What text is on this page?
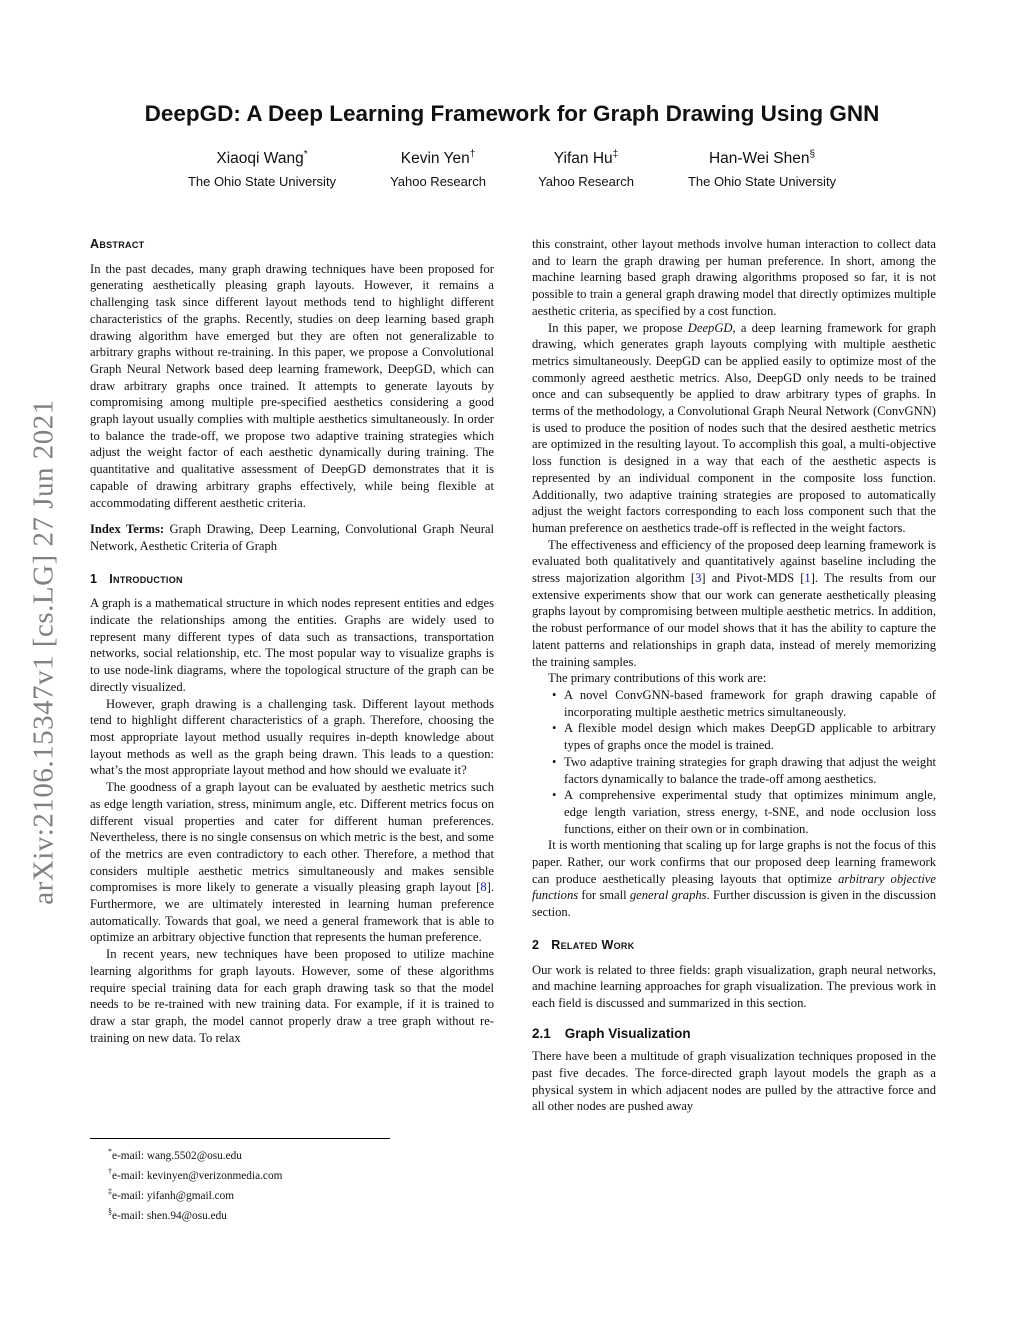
arXiv:2106.15347v1 [cs.LG] 27 Jun 2021
DeepGD: A Deep Learning Framework for Graph Drawing Using GNN
Xiaoqi Wang*
The Ohio State University
Kevin Yen†
Yahoo Research
Yifan Hu‡
Yahoo Research
Han-Wei Shen§
The Ohio State University
Abstract

In the past decades, many graph drawing techniques have been proposed for generating aesthetically pleasing graph layouts. However, it remains a challenging task since different layout methods tend to highlight different characteristics of the graphs. Recently, studies on deep learning based graph drawing algorithm have emerged but they are often not generalizable to arbitrary graphs without re-training. In this paper, we propose a Convolutional Graph Neural Network based deep learning framework, DeepGD, which can draw arbitrary graphs once trained. It attempts to generate layouts by compromising among multiple pre-specified aesthetics considering a good graph layout usually complies with multiple aesthetics simultaneously. In order to balance the trade-off, we propose two adaptive training strategies which adjust the weight factor of each aesthetic dynamically during training. The quantitative and qualitative assessment of DeepGD demonstrates that it is capable of drawing arbitrary graphs effectively, while being flexible at accommodating different aesthetic criteria.

Index Terms: Graph Drawing, Deep Learning, Convolutional Graph Neural Network, Aesthetic Criteria of Graph

1 Introduction

A graph is a mathematical structure in which nodes represent entities and edges indicate the relationships among the entities. Graphs are widely used to represent many different types of data such as transactions, transportation networks, social relationship, etc. The most popular way to visualize graphs is to use node-link diagrams, where the topological structure of the graph can be directly visualized.

However, graph drawing is a challenging task. Different layout methods tend to highlight different characteristics of a graph. Therefore, choosing the most appropriate layout method usually requires in-depth knowledge about layout methods as well as the graph being drawn. This leads to a question: what’s the most appropriate layout method and how should we evaluate it?

The goodness of a graph layout can be evaluated by aesthetic metrics such as edge length variation, stress, minimum angle, etc. Different metrics focus on different visual properties and cater for different human preferences. Nevertheless, there is no single consensus on which metric is the best, and some of the metrics are even contradictory to each other. Therefore, a method that considers multiple aesthetic metrics simultaneously and makes sensible compromises is more likely to generate a visually pleasing graph layout [8]. Furthermore, we are ultimately interested in learning human preference automatically. Towards that goal, we need a general framework that is able to optimize an arbitrary objective function that represents the human preference.

In recent years, new techniques have been proposed to utilize machine learning algorithms for graph layouts. However, some of these algorithms require special training data for each graph drawing task so that the model needs to be re-trained with new training data. For example, if it is trained to draw a star graph, the model cannot properly draw a tree graph without re-training on new data. To relax

*e-mail: wang.5502@osu.edu
†e-mail: kevinyen@verizonmedia.com
‡e-mail: yifanh@gmail.com
§e-mail: shen.94@osu.edu

this constraint, other layout methods involve human interaction to collect data and to learn the graph drawing per human preference. In short, among the machine learning based graph drawing algorithms proposed so far, it is not possible to train a general graph drawing model that directly optimizes multiple aesthetic criteria, as specified by a cost function.

In this paper, we propose DeepGD, a deep learning framework for graph drawing, which generates graph layouts complying with multiple aesthetic metrics simultaneously. DeepGD can be applied easily to optimize most of the commonly agreed aesthetic metrics. Also, DeepGD only needs to be trained once and can subsequently be applied to draw arbitrary types of graphs. In terms of the methodology, a Convolutional Graph Neural Network (ConvGNN) is used to produce the position of nodes such that the desired aesthetic metrics are optimized in the resulting layout. To accomplish this goal, a multi-objective loss function is designed in a way that each of the aesthetic aspects is represented by an individual component in the composite loss function. Additionally, two adaptive training strategies are proposed to automatically adjust the weight factors corresponding to each loss component such that the human preference on aesthetics trade-off is reflected in the weight factors.

The effectiveness and efficiency of the proposed deep learning framework is evaluated both qualitatively and quantitatively against baseline including the stress majorization algorithm [3] and Pivot-MDS [1]. The results from our extensive experiments show that our work can generate aesthetically pleasing graphs layout by compromising between multiple aesthetic metrics. In addition, the robust performance of our model shows that it has the ability to capture the latent patterns and relationships in graph data, instead of merely memorizing the training samples.

The primary contributions of this work are:

• A novel ConvGNN-based framework for graph drawing capable of incorporating multiple aesthetic metrics simultaneously.
• A flexible model design which makes DeepGD applicable to arbitrary types of graphs once the model is trained.
• Two adaptive training strategies for graph drawing that adjust the weight factors dynamically to balance the trade-off among aesthetics.
• A comprehensive experimental study that optimizes minimum angle, edge length variation, stress energy, t-SNE, and node occlusion loss functions, either on their own or in combination.

It is worth mentioning that scaling up for large graphs is not the focus of this paper. Rather, our work confirms that our proposed deep learning framework can produce aesthetically pleasing layouts that optimize arbitrary objective functions for small general graphs. Further discussion is given in the discussion section.

2 Related Work

Our work is related to three fields: graph visualization, graph neural networks, and machine learning approaches for graph visualization. The previous work in each field is discussed and summarized in this section.

2.1 Graph Visualization

There have been a multitude of graph visualization techniques proposed in the past five decades. The force-directed graph layout models the graph as a physical system in which adjacent nodes are pulled by the attractive force and all other nodes are pushed away
